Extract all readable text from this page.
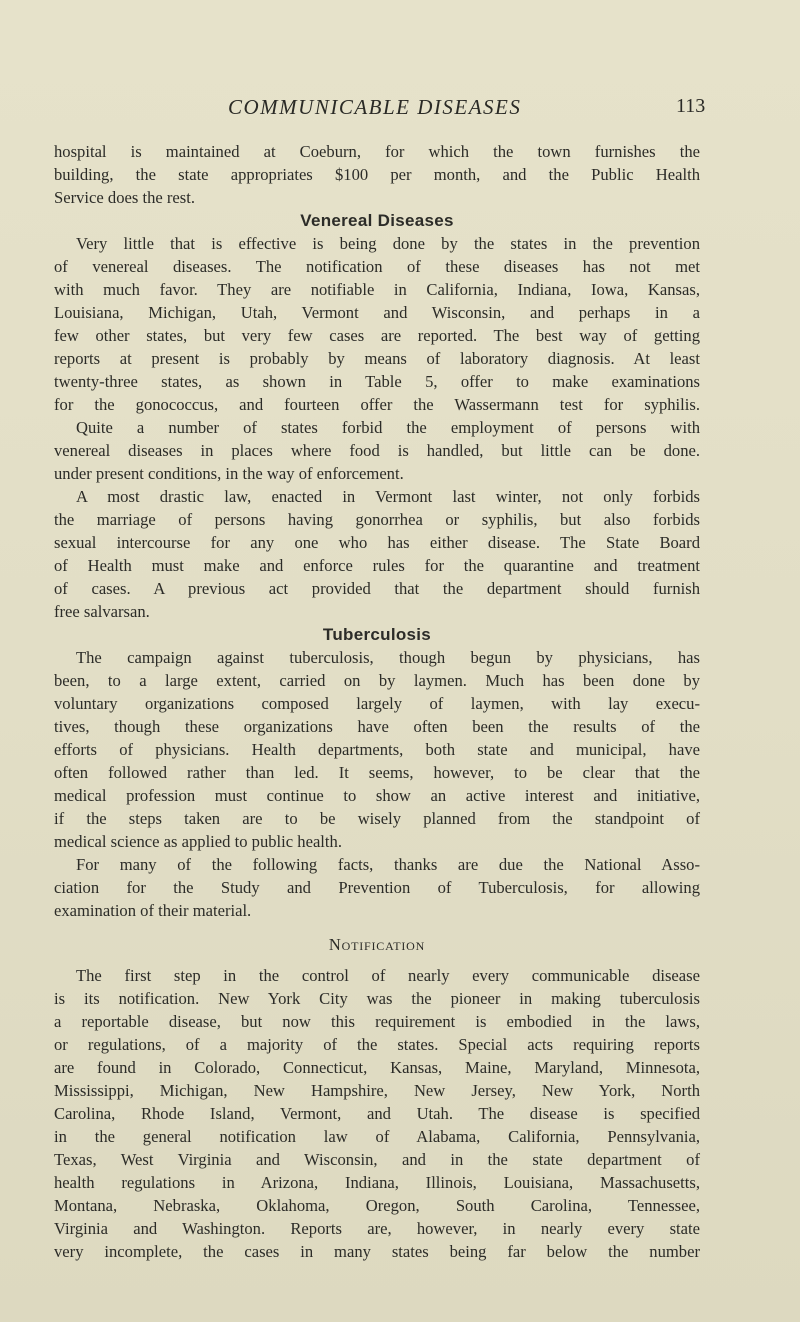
COMMUNICABLE DISEASES	113

hospital is maintained at Coeburn, for which the town furnishes the

building, the state appropriates $100 per month, and the Public Health

Service does the rest.

Venereal Diseases

Very little that is effective is being done by the states in the prevention

of venereal diseases. The notification of these diseases has not met

with much favor. They are notifiable in California, Indiana, Iowa, Kansas,

Louisiana, Michigan, Utah, Vermont and Wisconsin, and perhaps in a

few other states, but very few cases are reported. The best way of getting

reports at present is probably by means of laboratory diagnosis. At least

twenty-three states, as shown in Table 5, offer to make examinations

for the gonococcus, and fourteen offer the Wassermann test for syphilis.

Quite a number of states forbid the employment of persons with

venereal diseases in places where food is handled, but little can be done.

under present conditions, in the way of enforcement.

A most drastic law, enacted in Vermont last winter, not only forbids

the marriage of persons having gonorrhea or syphilis, but also forbids

sexual intercourse for any one who has either disease. The State Board

of Health must make and enforce rules for the quarantine and treatment

of cases. A previous act provided that the department should furnish

free salvarsan.

Tuberculosis

The campaign against tuberculosis, though begun by physicians, has

been, to a large extent, carried on by laymen. Much has been done by

voluntary organizations composed largely of laymen, with lay execu-

tives, though these organizations have often been the results of the

efforts of physicians. Health departments, both state and municipal, have

often followed rather than led. It seems, however, to be clear that the

medical profession must continue to show an active interest and initiative,

if the steps taken are to be wisely planned from the standpoint of

medical science as applied to public health.

For many of the following facts, thanks are due the National Asso-

ciation for the Study and Prevention of Tuberculosis, for allowing

examination of their material.

Notification

The first step in the control of nearly every communicable disease

is its notification. New York City was the pioneer in making tuberculosis

a reportable disease, but now this requirement is embodied in the laws,

or regulations, of a majority of the states. Special acts requiring reports

are found in Colorado, Connecticut, Kansas, Maine, Maryland, Minnesota,

Mississippi, Michigan, New Hampshire, New Jersey, New York, North

Carolina, Rhode Island, Vermont, and Utah. The disease is specified

in the general notification law of Alabama, California, Pennsylvania,

Texas, West Virginia and Wisconsin, and in the state department of

health regulations in Arizona, Indiana, Illinois, Louisiana, Massachusetts,

Montana, Nebraska, Oklahoma, Oregon, South Carolina, Tennessee,

Virginia and Washington. Reports are, however, in nearly every state

very incomplete, the cases in many states being far below the number
